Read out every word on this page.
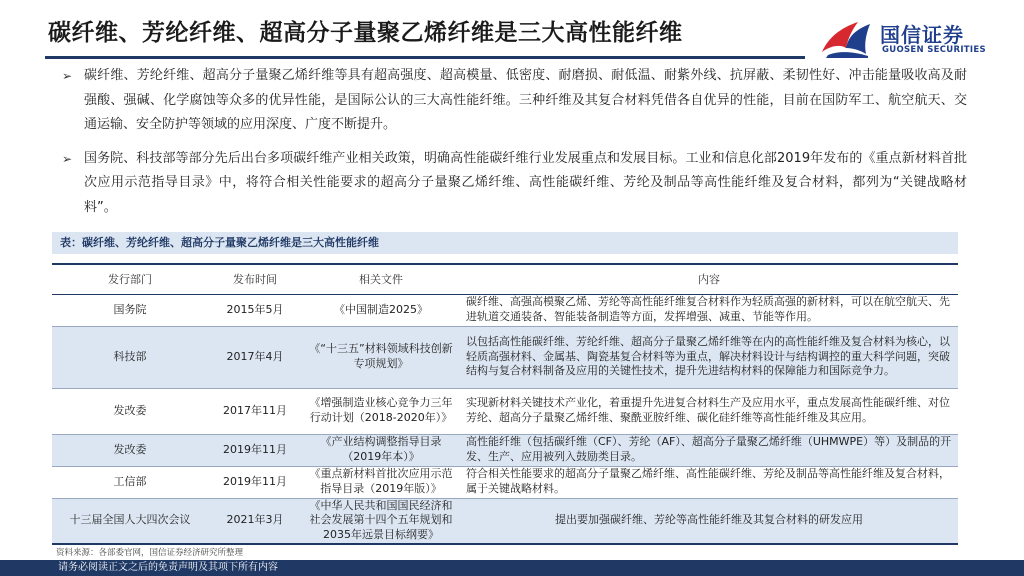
碳纤维、芳纶纤维、超高分子量聚乙烯纤维是三大高性能纤维	国信证券
GUOSEN SECURITIES
➢ 碳纤维、芳纶纤维、超高分子量聚乙烯纤维等具有超高强度、超高模量、低密度、耐磨损、耐低温、耐紫外线、抗屏蔽、柔韧性好、冲击能量吸收高及耐强酸、强碱、化学腐蚀等众多的优异性能，是国际公认的三大高性能纤维。三种纤维及其复合材料凭借各自优异的性能，目前在国防军工、航空航天、交通运输、安全防护等领域的应用深度、广度不断提升。
➢ 国务院、科技部等部分先后出台多项碳纤维产业相关政策，明确高性能碳纤维行业发展重点和发展目标。工业和信息化部2019年发布的《重点新材料首批次应用示范指导目录》中，将符合相关性能要求的超高分子量聚乙烯纤维、高性能碳纤维、芳纶及制品等高性能纤维及复合材料，都列为“关键战略材料”。
表：碳纤维、芳纶纤维、超高分子量聚乙烯纤维是三大高性能纤维
发行部门	发布时间	相关文件	内容
国务院	2015年5月	《中国制造2025》	碳纤维、高强高模聚乙烯、芳纶等高性能纤维复合材料作为轻质高强的新材料，可以在航空航天、先进轨道交通装备、智能装备制造等方面，发挥增强、减重、节能等作用。
科技部	2017年4月	《“十三五”材料领域科技创新专项规划》	以包括高性能碳纤维、芳纶纤维、超高分子量聚乙烯纤维等在内的高性能纤维及复合材料为核心，以轻质高强材料、金属基、陶瓷基复合材料等为重点，解决材料设计与结构调控的重大科学问题，突破结构与复合材料制备及应用的关键性技术，提升先进结构材料的保障能力和国际竞争力。
发改委	2017年11月	《增强制造业核心竞争力三年行动计划（2018-2020年）》	实现新材料关键技术产业化，着重提升先进复合材料生产及应用水平，重点发展高性能碳纤维、对位芳纶、超高分子量聚乙烯纤维、聚酰亚胺纤维、碳化硅纤维等高性能纤维及其应用。
发改委	2019年11月	《产业结构调整指导目录（2019年本）》	高性能纤维（包括碳纤维（CF）、芳纶（AF）、超高分子量聚乙烯纤维（UHMWPE）等）及制品的开发、生产、应用被列入鼓励类目录。
工信部	2019年11月	《重点新材料首批次应用示范指导目录（2019年版）》	符合相关性能要求的超高分子量聚乙烯纤维、高性能碳纤维、芳纶及制品等高性能纤维及复合材料，属于关键战略材料。
十三届全国人大四次会议	2021年3月	《中华人民共和国国民经济和社会发展第十四个五年规划和2035年远景目标纲要》	提出要加强碳纤维、芳纶等高性能纤维及其复合材料的研发应用
资料来源：各部委官网，国信证券经济研究所整理
请务必阅读正文之后的免责声明及其项下所有内容
